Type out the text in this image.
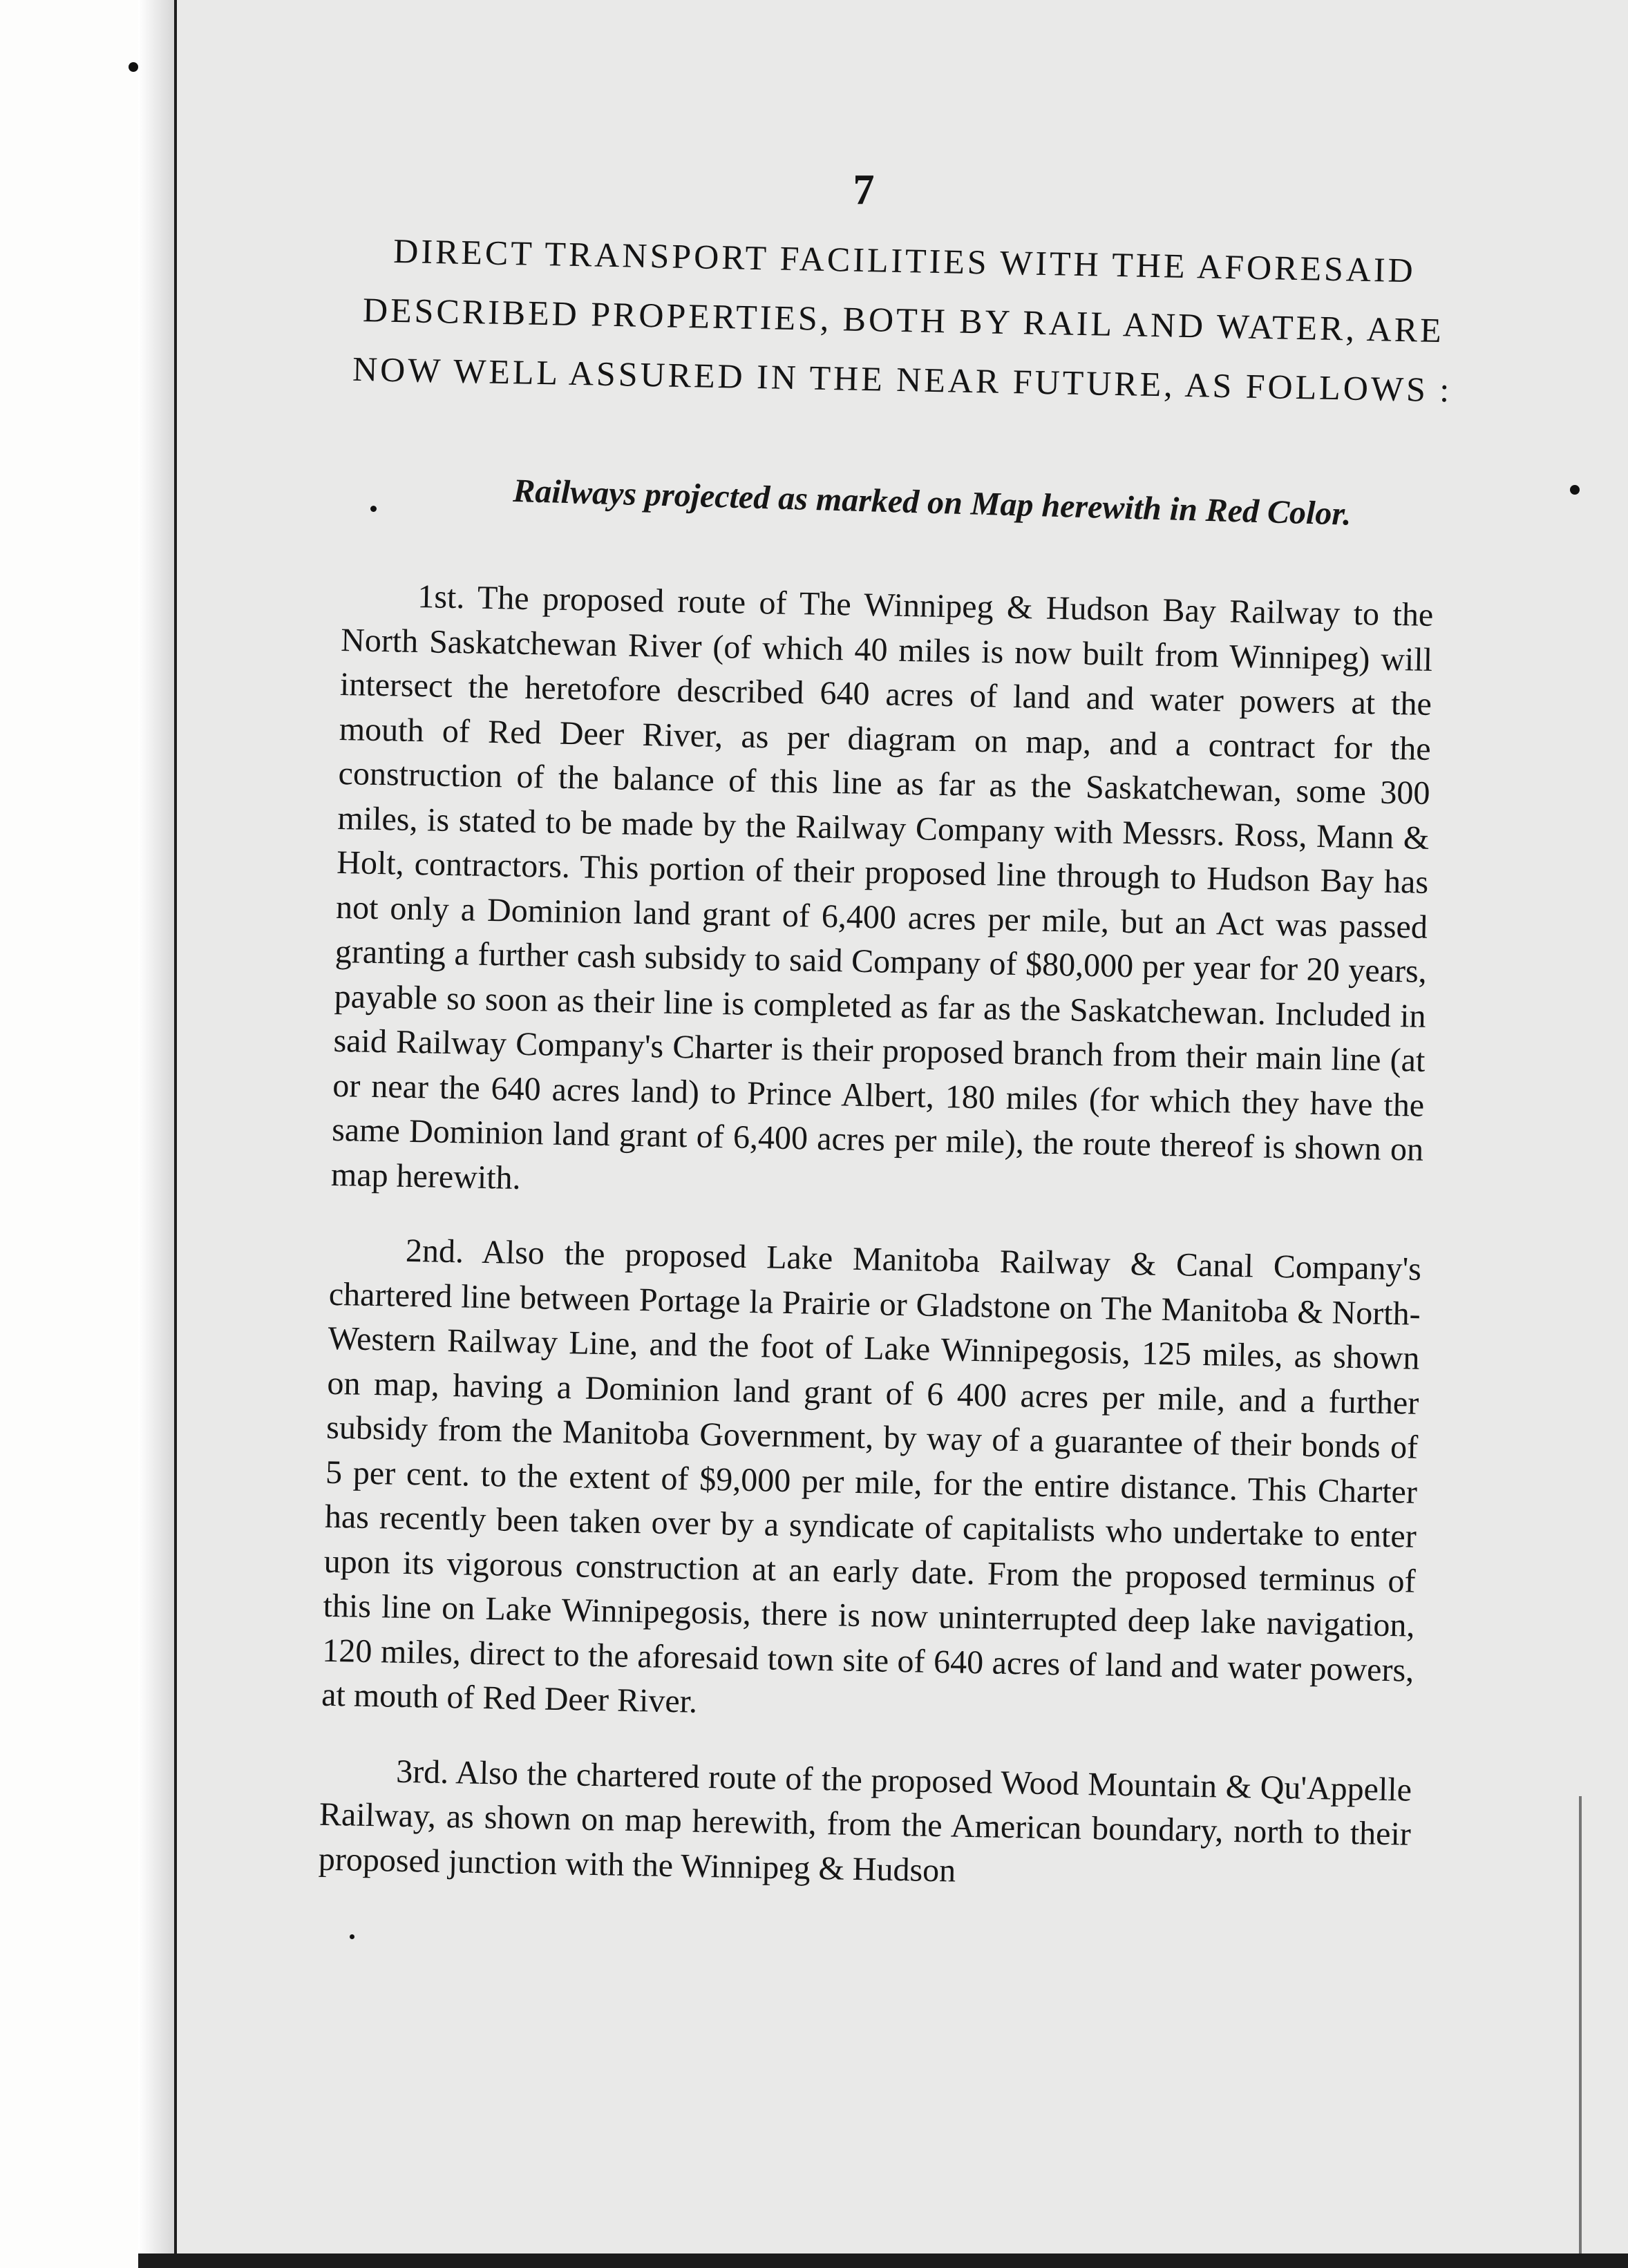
7
DIRECT TRANSPORT FACILITIES WITH THE AFORESAID DESCRIBED PROPERTIES, BOTH BY RAIL AND WATER, ARE NOW WELL ASSURED IN THE NEAR FUTURE, AS FOLLOWS :
Railways projected as marked on Map herewith in Red Color.

1st. The proposed route of The Winnipeg & Hudson Bay Railway to the North Saskatchewan River (of which 40 miles is now built from Winnipeg) will intersect the heretofore described 640 acres of land and water powers at the mouth of Red Deer River, as per diagram on map, and a contract for the construction of the balance of this line as far as the Saskatchewan, some 300 miles, is stated to be made by the Railway Company with Messrs. Ross, Mann & Holt, contractors. This portion of their proposed line through to Hudson Bay has not only a Dominion land grant of 6,400 acres per mile, but an Act was passed granting a further cash subsidy to said Company of $80,000 per year for 20 years, payable so soon as their line is completed as far as the Saskatchewan. Included in said Railway Company's Charter is their proposed branch from their main line (at or near the 640 acres land) to Prince Albert, 180 miles (for which they have the same Dominion land grant of 6,400 acres per mile), the route thereof is shown on map herewith.

2nd. Also the proposed Lake Manitoba Railway & Canal Company's chartered line between Portage la Prairie or Gladstone on The Manitoba & North-Western Railway Line, and the foot of Lake Winnipegosis, 125 miles, as shown on map, having a Dominion land grant of 6 400 acres per mile, and a further subsidy from the Manitoba Government, by way of a guarantee of their bonds of 5 per cent. to the extent of $9,000 per mile, for the entire distance. This Charter has recently been taken over by a syndicate of capitalists who undertake to enter upon its vigorous construction at an early date. From the proposed terminus of this line on Lake Winnipegosis, there is now uninterrupted deep lake navigation, 120 miles, direct to the aforesaid town site of 640 acres of land and water powers, at mouth of Red Deer River.

3rd. Also the chartered route of the proposed Wood Mountain & Qu'Appelle Railway, as shown on map herewith, from the American boundary, north to their proposed junction with the Winnipeg & Hudson
